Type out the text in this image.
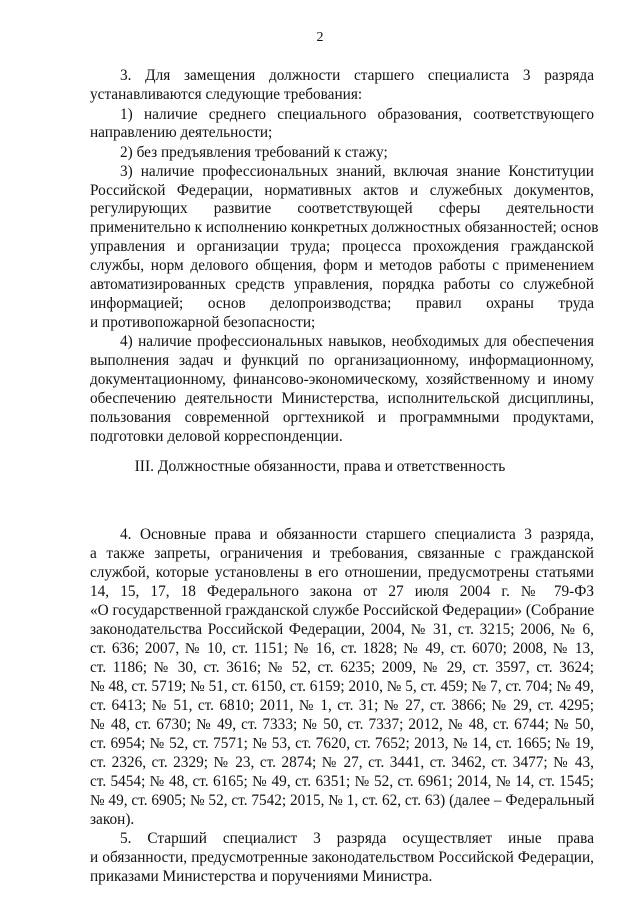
2
3. Для замещения должности старшего специалиста 3 разряда
устанавливаются следующие требования:
1) наличие среднего специального образования, соответствующего
направлению деятельности;
2) без предъявления требований к стажу;
3) наличие профессиональных знаний, включая знание Конституции
Российской Федерации, нормативных актов и служебных документов,
регулирующих развитие соответствующей сферы деятельности
применительно к исполнению конкретных должностных обязанностей; основ
управления и организации труда; процесса прохождения гражданской
службы, норм делового общения, форм и методов работы с применением
автоматизированных средств управления, порядка работы со служебной
информацией; основ делопроизводства; правил охраны труда
и противопожарной безопасности;
4) наличие профессиональных навыков, необходимых для обеспечения
выполнения задач и функций по организационному, информационному,
документационному, финансово-экономическому, хозяйственному и иному
обеспечению деятельности Министерства, исполнительской дисциплины,
пользования современной оргтехникой и программными продуктами,
подготовки деловой корреспонденции.
III. Должностные обязанности, права и ответственность
4. Основные права и обязанности старшего специалиста 3 разряда,
а также запреты, ограничения и требования, связанные с гражданской
службой, которые установлены в его отношении, предусмотрены статьями
14, 15, 17, 18 Федерального закона от 27 июля 2004 г. № 79-ФЗ
«О государственной гражданской службе Российской Федерации» (Собрание
законодательства Российской Федерации, 2004, № 31, ст. 3215; 2006, № 6,
ст. 636; 2007, № 10, ст. 1151; № 16, ст. 1828; № 49, ст. 6070; 2008, № 13,
ст. 1186; № 30, ст. 3616; № 52, ст. 6235; 2009, № 29, ст. 3597, ст. 3624;
№ 48, ст. 5719; № 51, ст. 6150, ст. 6159; 2010, № 5, ст. 459; № 7, ст. 704; № 49,
ст. 6413; № 51, ст. 6810; 2011, № 1, ст. 31; № 27, ст. 3866; № 29, ст. 4295;
№ 48, ст. 6730; № 49, ст. 7333; № 50, ст. 7337; 2012, № 48, ст. 6744; № 50,
ст. 6954; № 52, ст. 7571; № 53, ст. 7620, ст. 7652; 2013, № 14, ст. 1665; № 19,
ст. 2326, ст. 2329; № 23, ст. 2874; № 27, ст. 3441, ст. 3462, ст. 3477; № 43,
ст. 5454; № 48, ст. 6165; № 49, ст. 6351; № 52, ст. 6961; 2014, № 14, ст. 1545;
№ 49, ст. 6905; № 52, ст. 7542; 2015, № 1, ст. 62, ст. 63) (далее – Федеральный
закон).
5. Старший специалист 3 разряда осуществляет иные права
и обязанности, предусмотренные законодательством Российской Федерации,
приказами Министерства и поручениями Министра.
